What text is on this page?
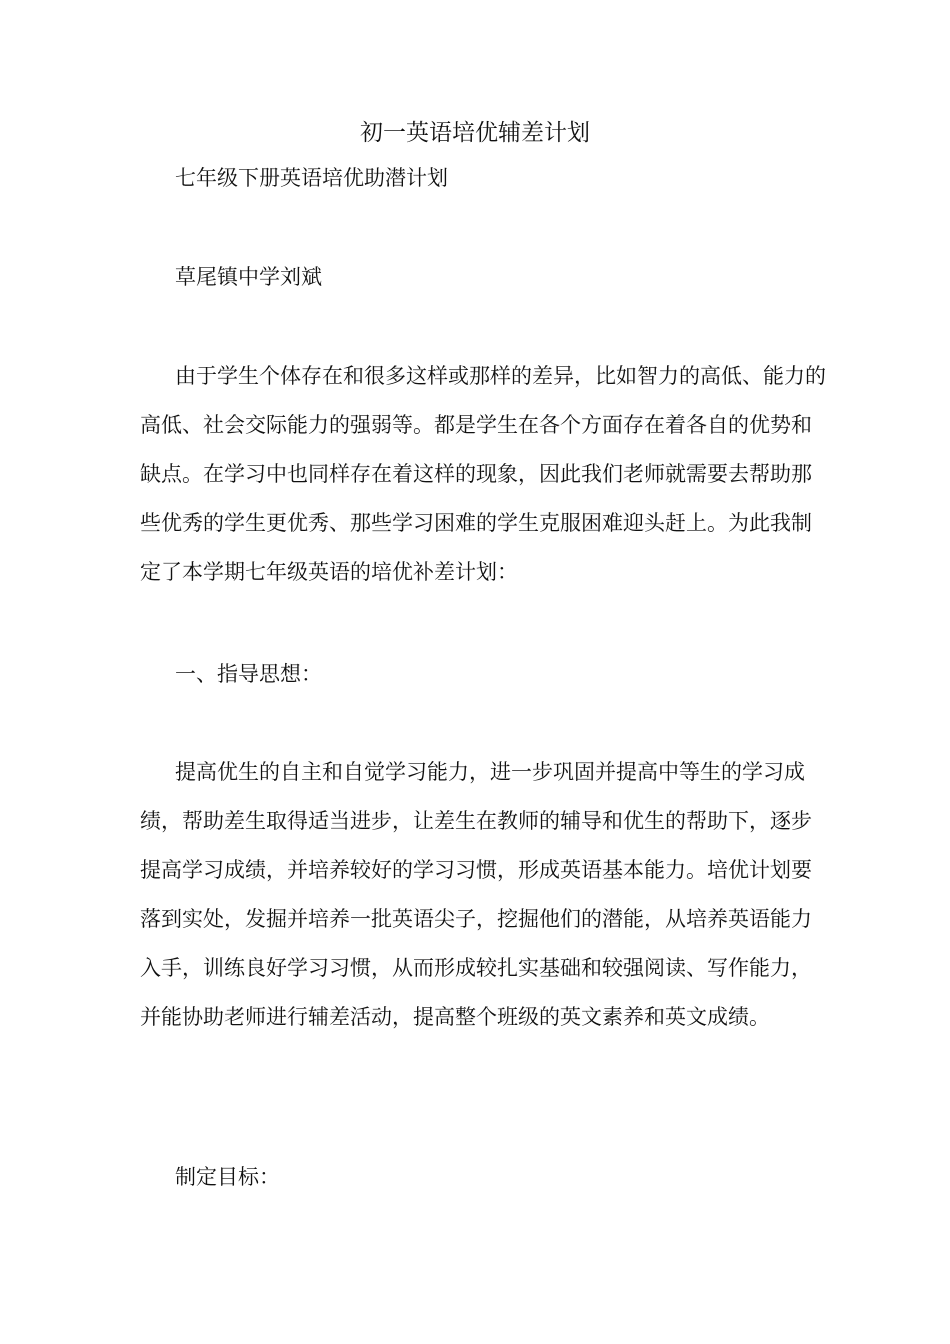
初一英语培优辅差计划

七年级下册英语培优助潜计划

草尾镇中学刘斌

由于学生个体存在和很多这样或那样的差异，比如智力的高低、能力的高低、社会交际能力的强弱等。都是学生在各个方面存在着各自的优势和缺点。在学习中也同样存在着这样的现象，因此我们老师就需要去帮助那些优秀的学生更优秀、那些学习困难的学生克服困难迎头赶上。为此我制定了本学期七年级英语的培优补差计划：

一、指导思想：

提高优生的自主和自觉学习能力，进一步巩固并提高中等生的学习成绩，帮助差生取得适当进步，让差生在教师的辅导和优生的帮助下，逐步提高学习成绩，并培养较好的学习习惯，形成英语基本能力。培优计划要落到实处，发掘并培养一批英语尖子，挖掘他们的潜能，从培养英语能力入手，训练良好学习习惯，从而形成较扎实基础和较强阅读、写作能力，并能协助老师进行辅差活动，提高整个班级的英文素养和英文成绩。

制定目标：
